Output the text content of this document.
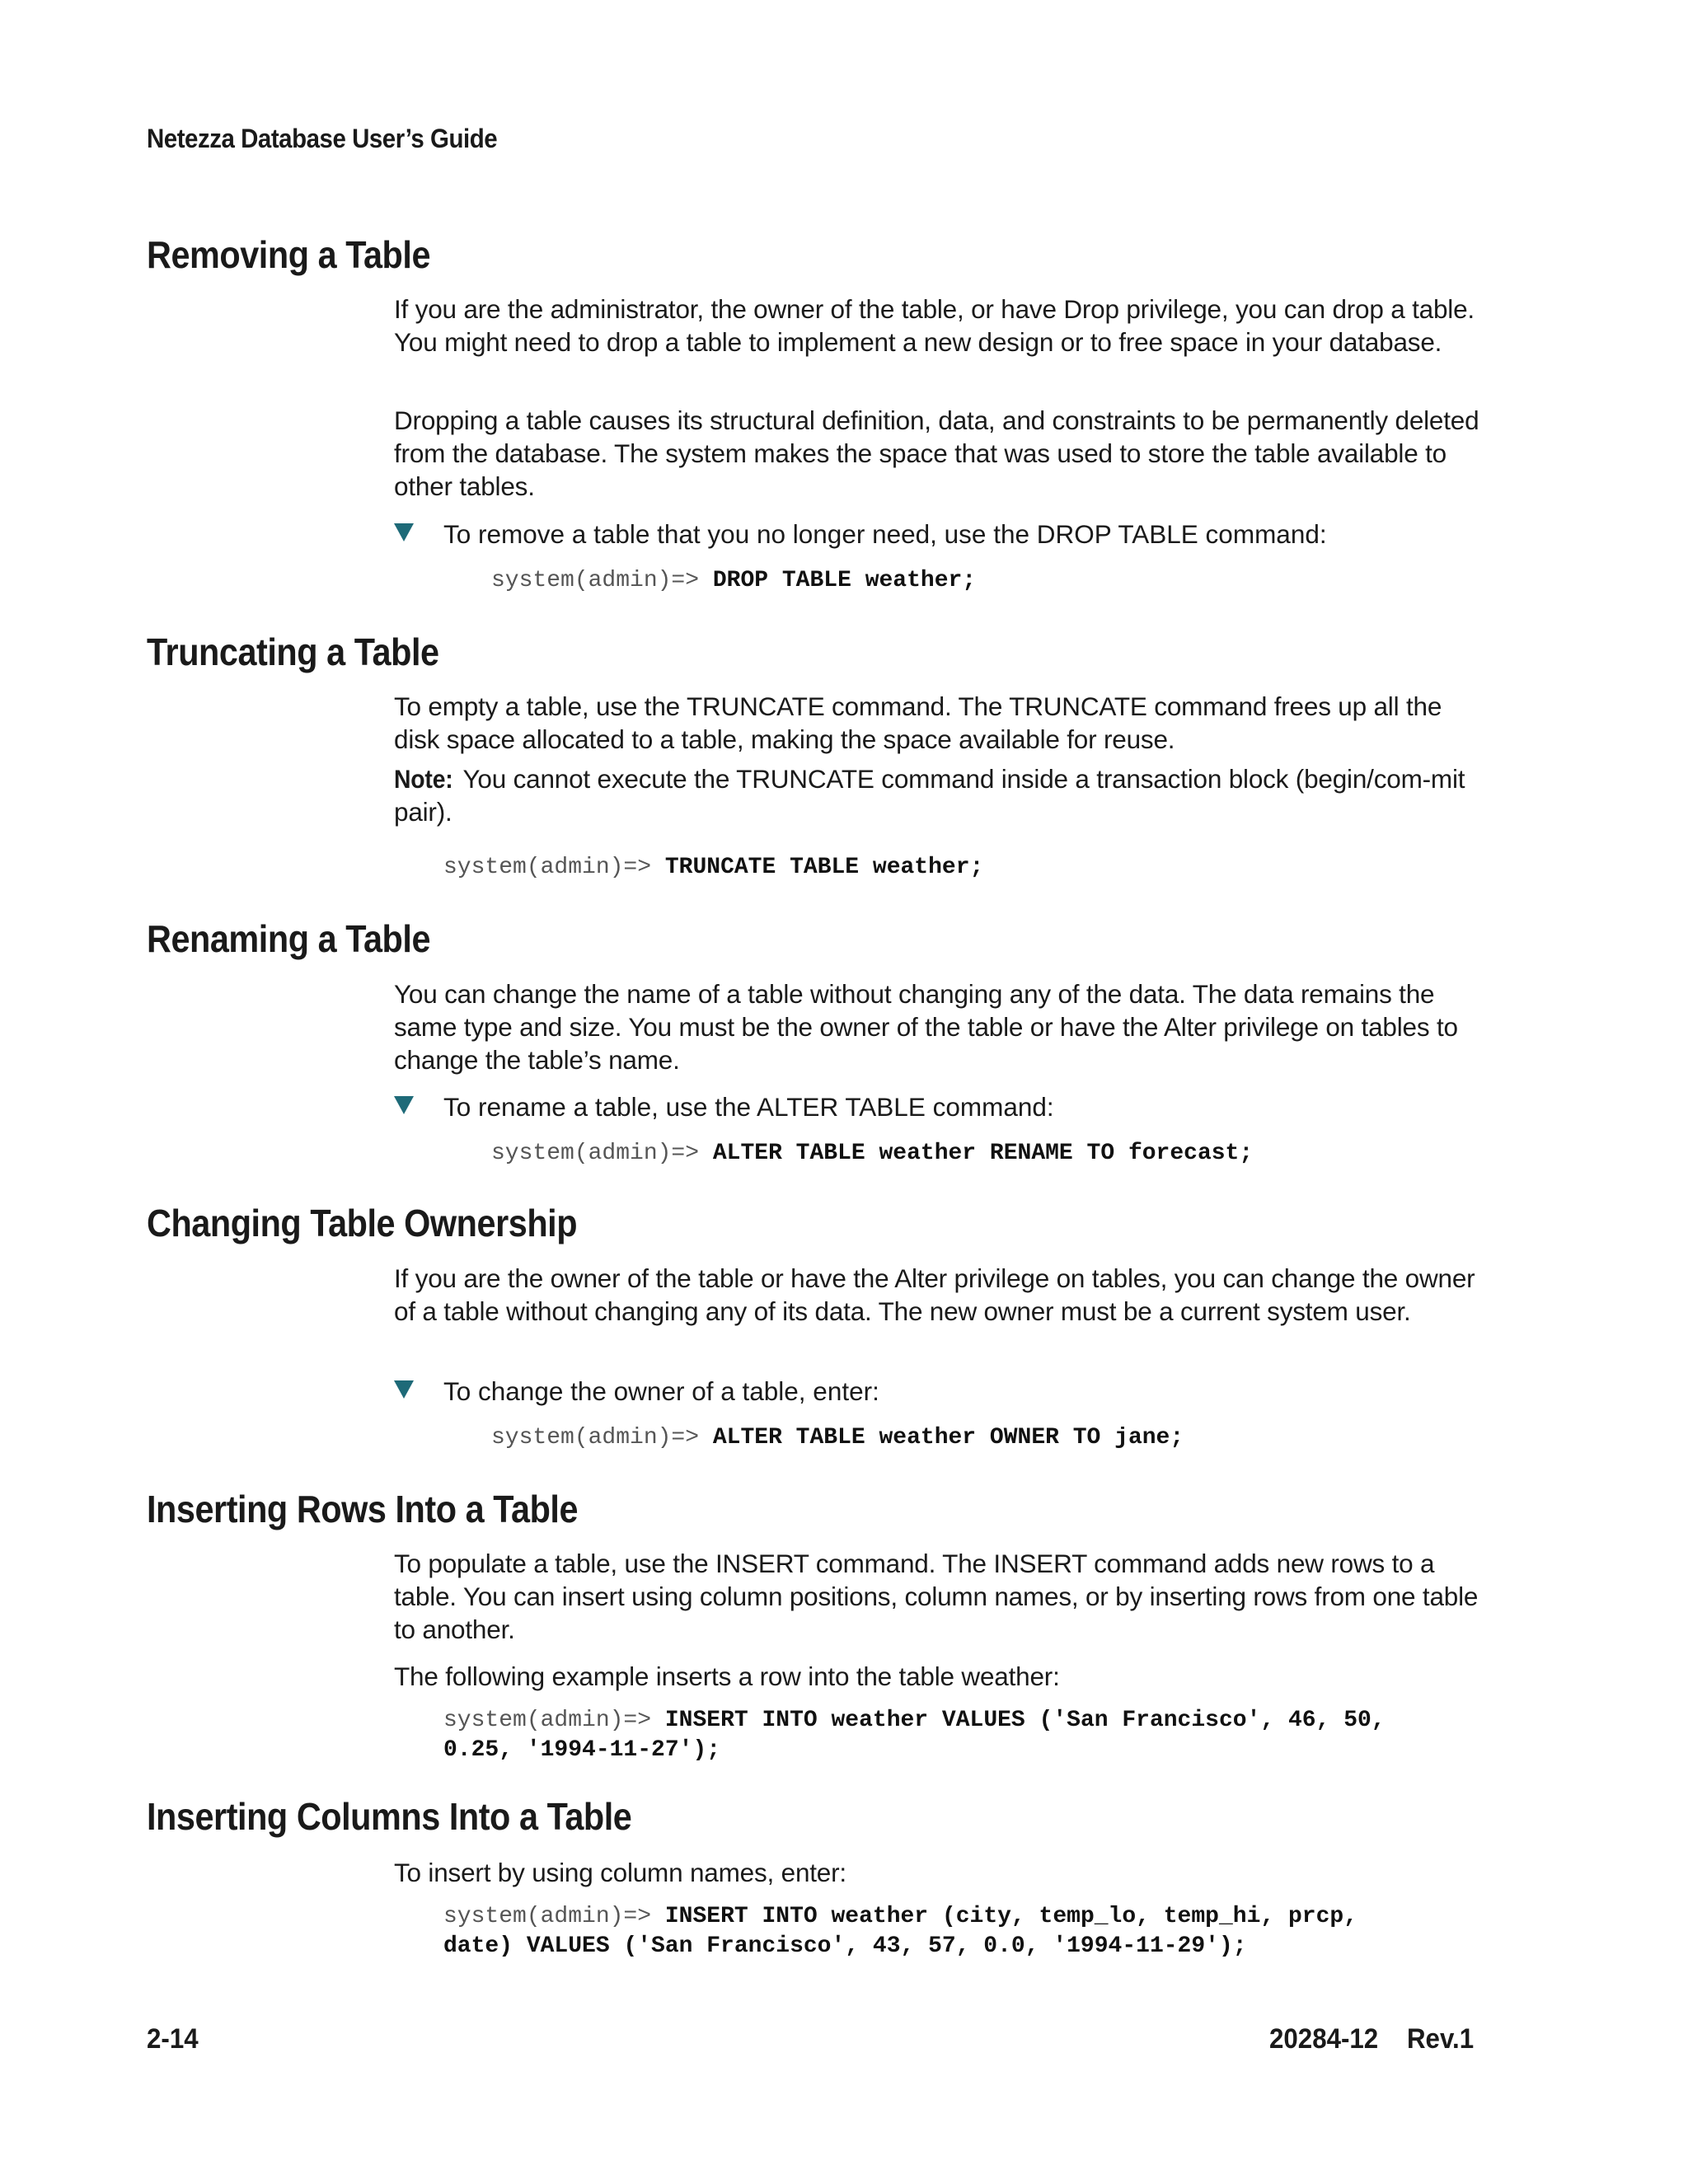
Netezza Database User’s Guide
Removing a Table
If you are the administrator, the owner of the table, or have Drop privilege, you can drop a table. You might need to drop a table to implement a new design or to free space in your database.
Dropping a table causes its structural definition, data, and constraints to be permanently deleted from the database. The system makes the space that was used to store the table available to other tables.
To remove a table that you no longer need, use the DROP TABLE command:
system(admin)=> DROP TABLE weather;
Truncating a Table
To empty a table, use the TRUNCATE command. The TRUNCATE command frees up all the disk space allocated to a table, making the space available for reuse.
Note: You cannot execute the TRUNCATE command inside a transaction block (begin/com-mit pair).
system(admin)=> TRUNCATE TABLE weather;
Renaming a Table
You can change the name of a table without changing any of the data. The data remains the same type and size. You must be the owner of the table or have the Alter privilege on tables to change the table’s name.
To rename a table, use the ALTER TABLE command:
system(admin)=> ALTER TABLE weather RENAME TO forecast;
Changing Table Ownership
If you are the owner of the table or have the Alter privilege on tables, you can change the owner of a table without changing any of its data. The new owner must be a current system user.
To change the owner of a table, enter:
system(admin)=> ALTER TABLE weather OWNER TO jane;
Inserting Rows Into a Table
To populate a table, use the INSERT command. The INSERT command adds new rows to a table. You can insert using column positions, column names, or by inserting rows from one table to another.
The following example inserts a row into the table weather:
system(admin)=> INSERT INTO weather VALUES ('San Francisco', 46, 50,
0.25, '1994-11-27');
Inserting Columns Into a Table
To insert by using column names, enter:
system(admin)=> INSERT INTO weather (city, temp_lo, temp_hi, prcp,
date) VALUES ('San Francisco', 43, 57, 0.0, '1994-11-29');
2-14	20284-12    Rev.1
